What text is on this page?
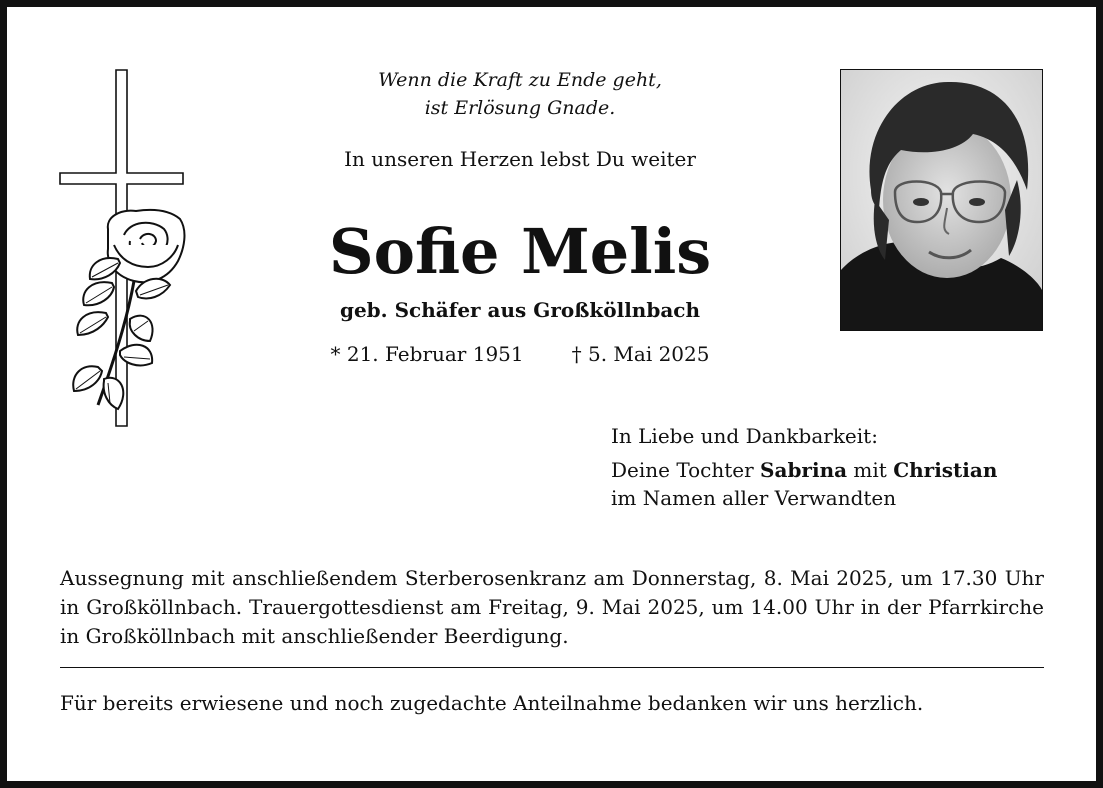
Wenn die Kraft zu Ende geht,
ist Erlösung Gnade.
In unseren Herzen lebst Du weiter
Sofie Melis
geb. Schäfer aus Großköllnbach
* 21. Februar 1951 † 5. Mai 2025
In Liebe und Dankbarkeit:
Deine Tochter Sabrina mit Christian
im Namen aller Verwandten
Aussegnung mit anschließendem Sterberosenkranz am Donnerstag, 8. Mai 2025, um 17.30 Uhr in Großköllnbach. Trauergottesdienst am Freitag, 9. Mai 2025, um 14.00 Uhr in der Pfarrkirche in Großköllnbach mit anschließender Beerdigung.
Für bereits erwiesene und noch zugedachte Anteilnahme bedanken wir uns herzlich.
